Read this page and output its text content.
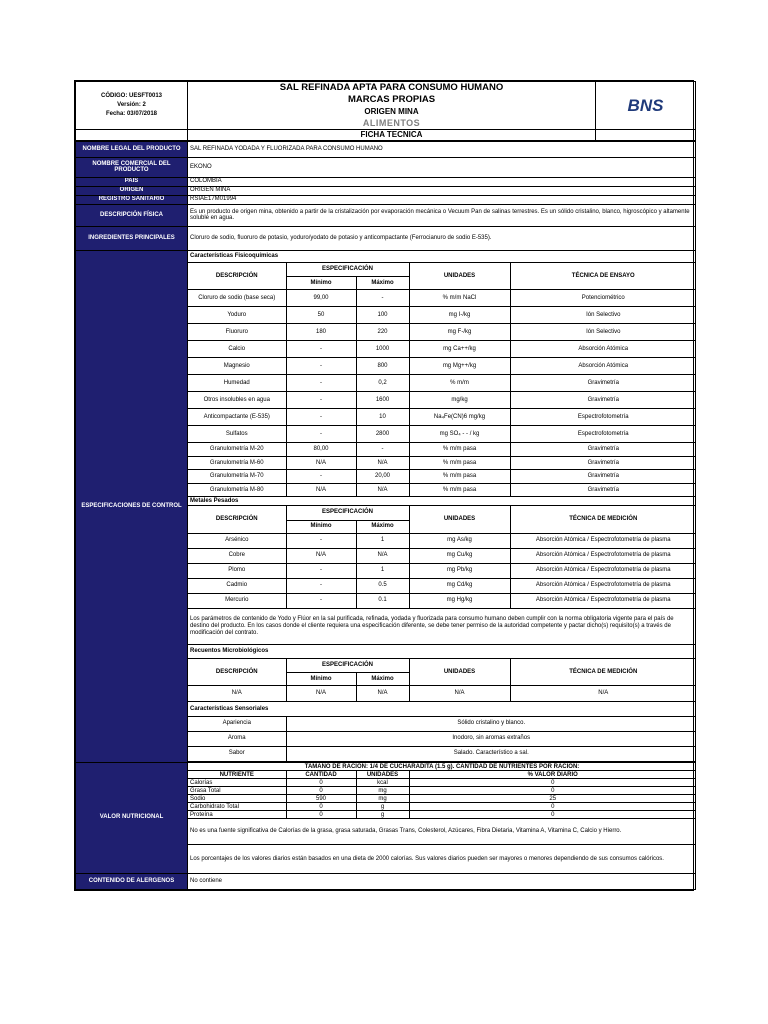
CÓDIGO: UESFT0013
Versión: 2
Fecha: 03/07/2018	SAL REFINADA APTA PARA CONSUMO HUMANO	BNS
	MARCAS PROPIAS	
	ORIGEN MINA	
	ALIMENTOS	
	FICHA TECNICA	
NOMBRE LEGAL DEL PRODUCTO	SAL REFINADA YODADA Y FLUORIZADA PARA CONSUMO HUMANO
NOMBRE COMERCIAL DEL PRODUCTO	EKONO
PAIS	COLOMBIA
ORIGEN	ORIGEN MINA
REGISTRO SANITARIO	RSIAE17M01994
DESCRIPCIÓN FÍSICA	Es un producto de origen mina, obtenido a partir de la cristalización por evaporación mecánica o Vecuum Pan de salinas terrestres. Es un sólido cristalino, blanco, higroscópico y altamente soluble en agua.
INGREDIENTES PRINCIPALES	Cloruro de sodio, fluoruro de potasio, yoduro/yodato de potasio y anticompactante (Ferrocianuro de sodio E-535).
ESPECIFICACIONES DE CONTROL	
Características Fisicoquímicas
DESCRIPCIÓN	ESPECIFICACIÓN	UNIDADES	TÉCNICA DE ENSAYO
Mínimo	Máximo
Cloruro de sodio (base seca)	99,00	-	% m/m NaCl	Potenciométrico
Yoduro	50	100	mg I-/kg	Ión Selectivo
Fluoruro	180	220	mg F-/kg	Ión Selectivo
Calcio	-	1000	mg Ca++/kg	Absorción Atómica
Magnesio	-	800	mg Mg++/kg	Absorción Atómica
Humedad	-	0,2	% m/m	Gravimetría
Otros insolubles en agua	-	1600	mg/kg	Gravimetría
Anticompactante (E-535)	-	10	Na₄Fe(CN)6 mg/kg	Espectrofotometría
Sulfatos	-	2800	mg SO₄ - - / kg	Espectrofotometría
Granulometría M-20	80,00	-	% m/m pasa	Gravimetría
Granulometría M-60	N/A	N/A	% m/m pasa	Gravimetría
Granulometría M-70	-	20,00	% m/m pasa	Gravimetría
Granulometría M-80	N/A	N/A	% m/m pasa	Gravimetría
Metales Pesados
DESCRIPCIÓN	ESPECIFICACIÓN	UNIDADES	TÉCNICA DE MEDICIÓN
Mínimo	Máximo
Arsénico	-	1	mg As/kg	Absorción Atómica / Espectrofotometría de plasma
Cobre	N/A	N/A	mg Cu/kg	Absorción Atómica / Espectrofotometría de plasma
Plomo	-	1	mg Pb/kg	Absorción Atómica / Espectrofotometría de plasma
Cadmio	-	0.5	mg Cd/kg	Absorción Atómica / Espectrofotometría de plasma
Mercurio	-	0.1	mg Hg/kg	Absorción Atómica / Espectrofotometría de plasma
Los parámetros de contenido de Yodo y Flúor en la sal purificada, refinada, yodada y fluorizada para consumo humano deben cumplir con la norma obligatoria vigente para el país de destino del producto. En los casos donde el cliente requiera una especificación diferente, se debe tener permiso de la autoridad competente y pactar dicho(s) requisito(s) a través de modificación del contrato.
Recuentos Microbiológicos
DESCRIPCIÓN	ESPECIFICACIÓN	UNIDADES	TÉCNICA DE MEDICIÓN
Mínimo	Máximo
N/A	N/A	N/A	N/A	N/A
Características Sensoriales
Apariencia	Sólido cristalino y blanco.
Aroma	Inodoro, sin aromas extraños
Sabor	Salado. Característico a sal.

VALOR NUTRICIONAL	
TAMAÑO DE RACION: 1/4 DE CUCHARADITA (1.5 g). CANTIDAD DE NUTRIENTES POR RACIÓN:
NUTRIENTE	CANTIDAD	UNIDADES	% VALOR DIARIO
Calorías	0	kcal	0
Grasa Total	0	mg	0
Sodio	590	mg	25
Carbohidrato Total	0	g	0
Proteína	0	g	0
No es una fuente significativa de Calorías de la grasa, grasa saturada, Grasas Trans, Colesterol, Azúcares, Fibra Dietaria, Vitamina A, Vitamina C, Calcio y Hierro.
Los porcentajes de los valores diarios están basados en una dieta de 2000 calorías. Sus valores diarios pueden ser mayores o menores dependiendo de sus consumos calóricos.

CONTENIDO DE ALERGENOS	No contiene
